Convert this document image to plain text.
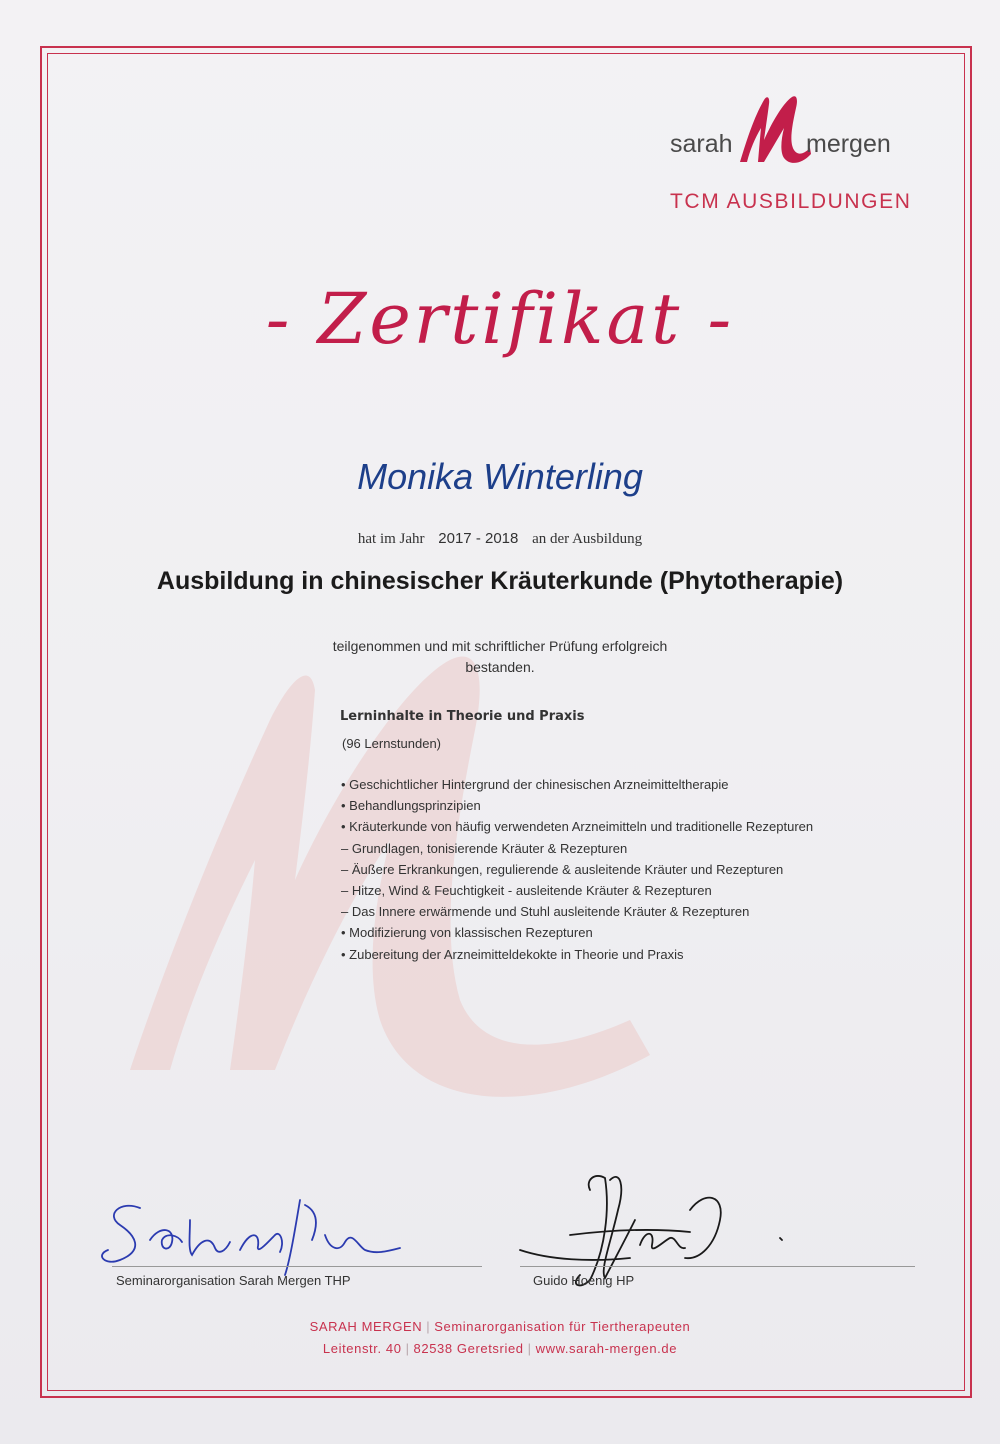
sarah	mergen
TCM AUSBILDUNGEN
- Zertifikat -
Monika Winterling
hat im Jahr 2017 - 2018 an der Ausbildung
Ausbildung in chinesischer Kräuterkunde (Phytotherapie)
teilgenommen und mit schriftlicher Prüfung erfolgreich
bestanden.
Lerninhalte in Theorie und Praxis
(96 Lernstunden)
• Geschichtlicher Hintergrund der chinesischen Arzneimitteltherapie
• Behandlungsprinzipien
• Kräuterkunde von häufig verwendeten Arzneimitteln und traditionelle Rezepturen
– Grundlagen, tonisierende Kräuter & Rezepturen
– Äußere Erkrankungen, regulierende & ausleitende Kräuter und Rezepturen
– Hitze, Wind & Feuchtigkeit - ausleitende Kräuter & Rezepturen
– Das Innere erwärmende und Stuhl ausleitende Kräuter & Rezepturen
• Modifizierung von klassischen Rezepturen
• Zubereitung der Arzneimitteldekokte in Theorie und Praxis
Seminarorganisation Sarah Mergen THP	Guido Hoenig HP
SARAH MERGEN | Seminarorganisation für Tiertherapeuten
Leitenstr. 40 | 82538 Geretsried | www.sarah-mergen.de
